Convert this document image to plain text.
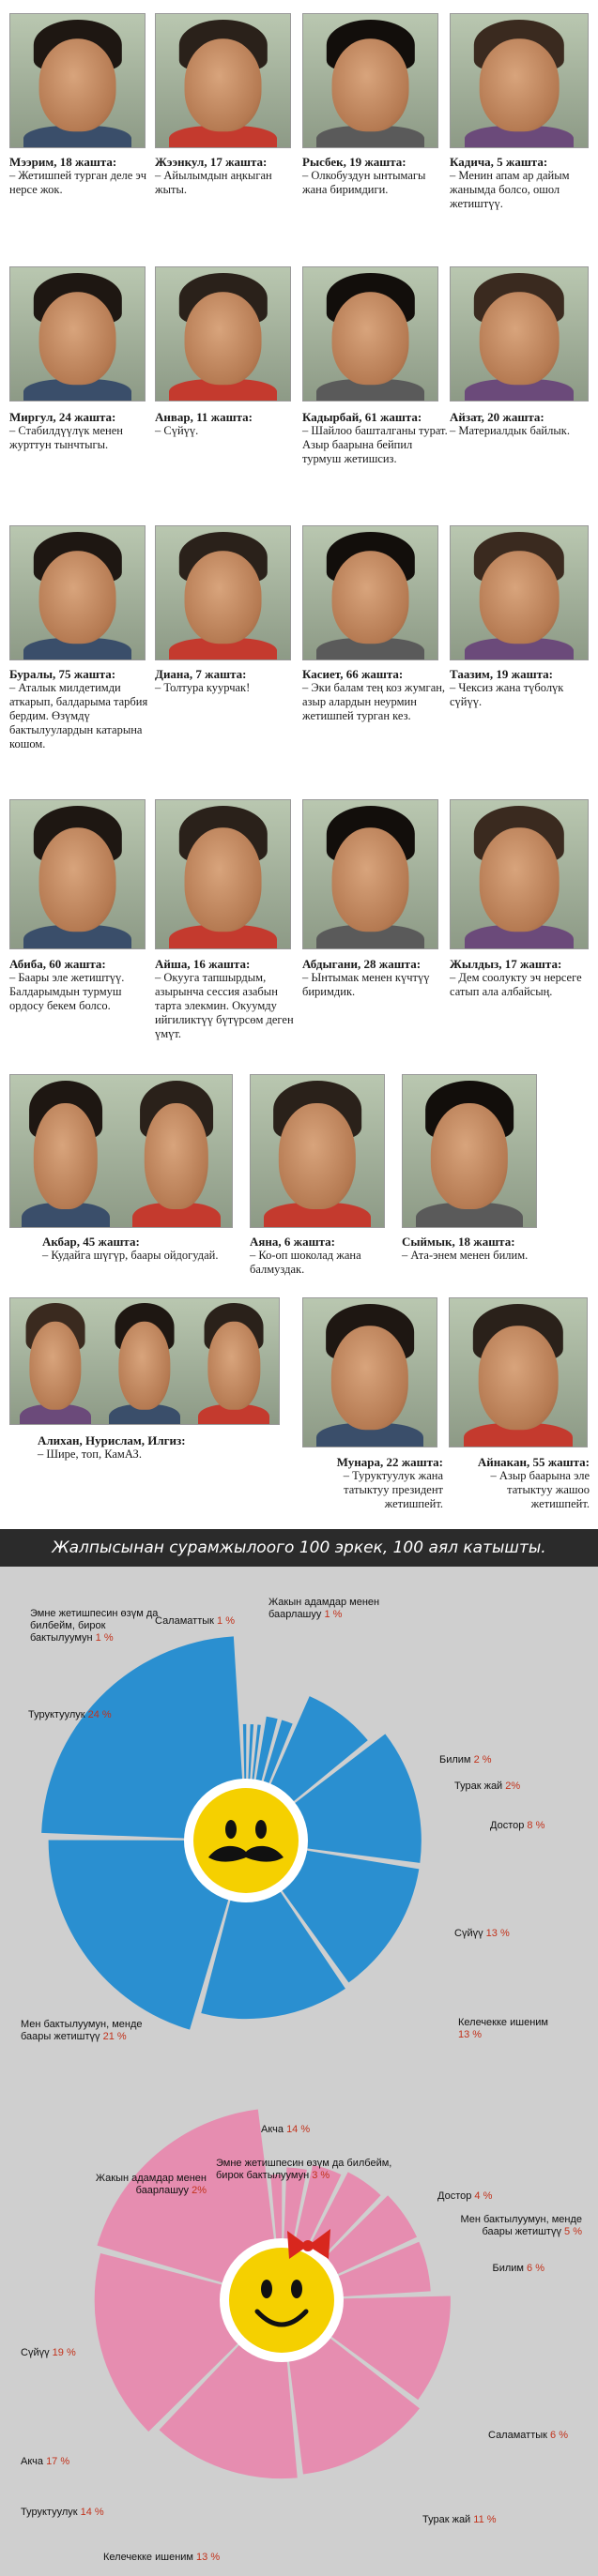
Мээрим, 18 жашта:
– Жетишпей турган деле эч нерсе жок.
Жээнкул, 17 жашта:
– Айылымдын аңкыган жыты.
Рысбек, 19 жашта:
– Олкобуздун ынтымагы жана биримдиги.
Кадича, 5 жашта:
– Менин апам ар дайым жанымда болсо, ошол жетиштүү.
Миргул, 24 жашта:
– Стабилдүүлүк менен журттун тынчтыгы.
Анвар, 11 жашта:
– Сүйүү.
Кадырбай, 61 жашта:
– Шайлоо башталганы турат. Азыр баарына бейпил турмуш жетишсиз.
Айзат, 20 жашта:
– Материалдык байлык.
Буралы, 75 жашта:
– Аталык милдетимди аткарып, балдарыма тарбия бердим. Өзүмдү бактылуулардын катарына кошом.
Диана, 7 жашта:
– Толтура куурчак!
Касиет, 66 жашта:
– Эки балам тең коз жумган, азыр алардын неурмин жетишпей турган кез.
Таазим, 19 жашта:
– Чексиз жана түболүк сүйүү.
Абиба, 60 жашта:
– Баары эле жетиштүү. Балдарымдын турмуш ордосу бекем болсо.
Айша, 16 жашта:
– Окууга тапшырдым, азырынча сессия азабын тарта элекмин. Окуумду ийгиликтүү бүтүрсөм деген үмүт.
Абдыгани, 28 жашта:
– Ынтымак менен күчтүү биримдик.
Жылдыз, 17 жашта:
– Дем соолукту эч нерсеге сатып ала албайсың.
Акбар, 45 жашта:
– Кудайга шүгүр, баары ойдогудай.
Аяна, 6 жашта:
– Ко-оп шоколад жана балмуздак.
Сыймык, 18 жашта:
– Ата-энем менен билим.
Алихан, Нурислам, Илгиз:
– Шире, топ, КамАЗ.
Мунара, 22 жашта:
– Туруктуулук жана татыктуу президент жетишпейт.
Айнакан, 55 жашта:
– Азыр баарына эле татыктуу жашоо жетишпейт.
Жалпысынан сурамжылоого 100 эркек, 100 аял катышты.
Саламаттык 1 %
Жакын адамдар менен баарлашуу 1 %
Билим 2 %
Турак жай 2%
Достор 8 %
Сүйүү 13 %
Келечекке ишеним 13 %
Акча 14 %
Мен бактылуумун, менде баары жетиштүү 21 %
Туруктуулук 24 %
Эмне жетишпесин өзүм да билбейм, бирок бактылуумун 1 %
Эмне жетишпесин өзүм да билбейм, бирок бактылуумун 3 %
Достор 4 %
Мен бактылуумун, менде баары жетиштүү 5 %
Билим 6 %
Саламаттык 6 %
Турак жай 11 %
Келечекке ишеним 13 %
Туруктуулук 14 %
Акча 17 %
Сүйүү 19 %
Жакын адамдар менен баарлашуу 2%
